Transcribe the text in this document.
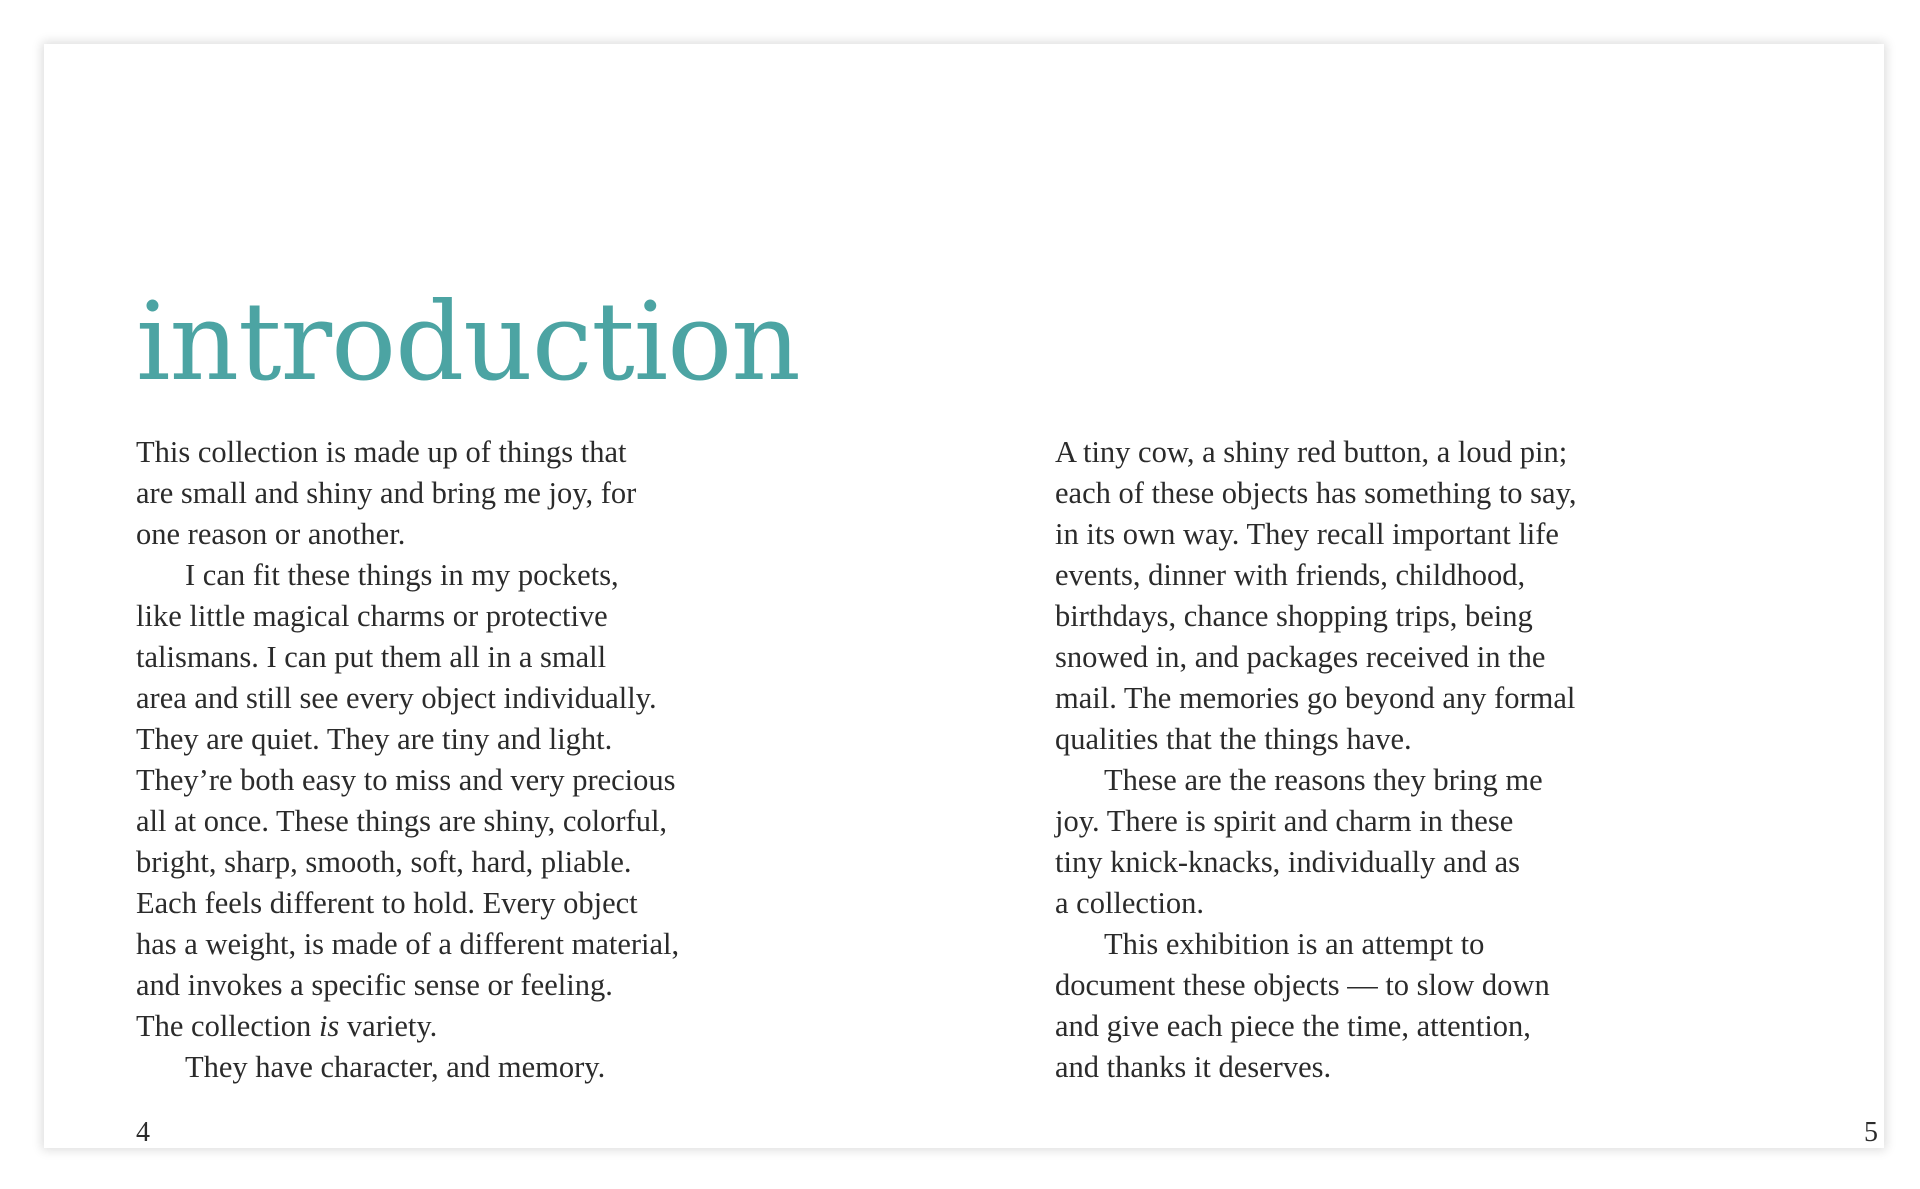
introduction

This collection is made up of things that
are small and shiny and bring me joy, for
one reason or another.

I can fit these things in my pockets,
like little magical charms or protective
talismans. I can put them all in a small
area and still see every object individually.
They are quiet. They are tiny and light.
They’re both easy to miss and very precious
all at once. These things are shiny, colorful,
bright, sharp, smooth, soft, hard, pliable.
Each feels different to hold. Every object
has a weight, is made of a different material,
and invokes a specific sense or feeling.
The collection is variety.

They have character, and memory.

A tiny cow, a shiny red button, a loud pin;
each of these objects has something to say,
in its own way. They recall important life
events, dinner with friends, childhood,
birthdays, chance shopping trips, being
snowed in, and packages received in the
mail. The memories go beyond any formal
qualities that the things have.

These are the reasons they bring me
joy. There is spirit and charm in these
tiny knick-knacks, individually and as
a collection.

This exhibition is an attempt to
document these objects — to slow down
and give each piece the time, attention,
and thanks it deserves.

4	5
